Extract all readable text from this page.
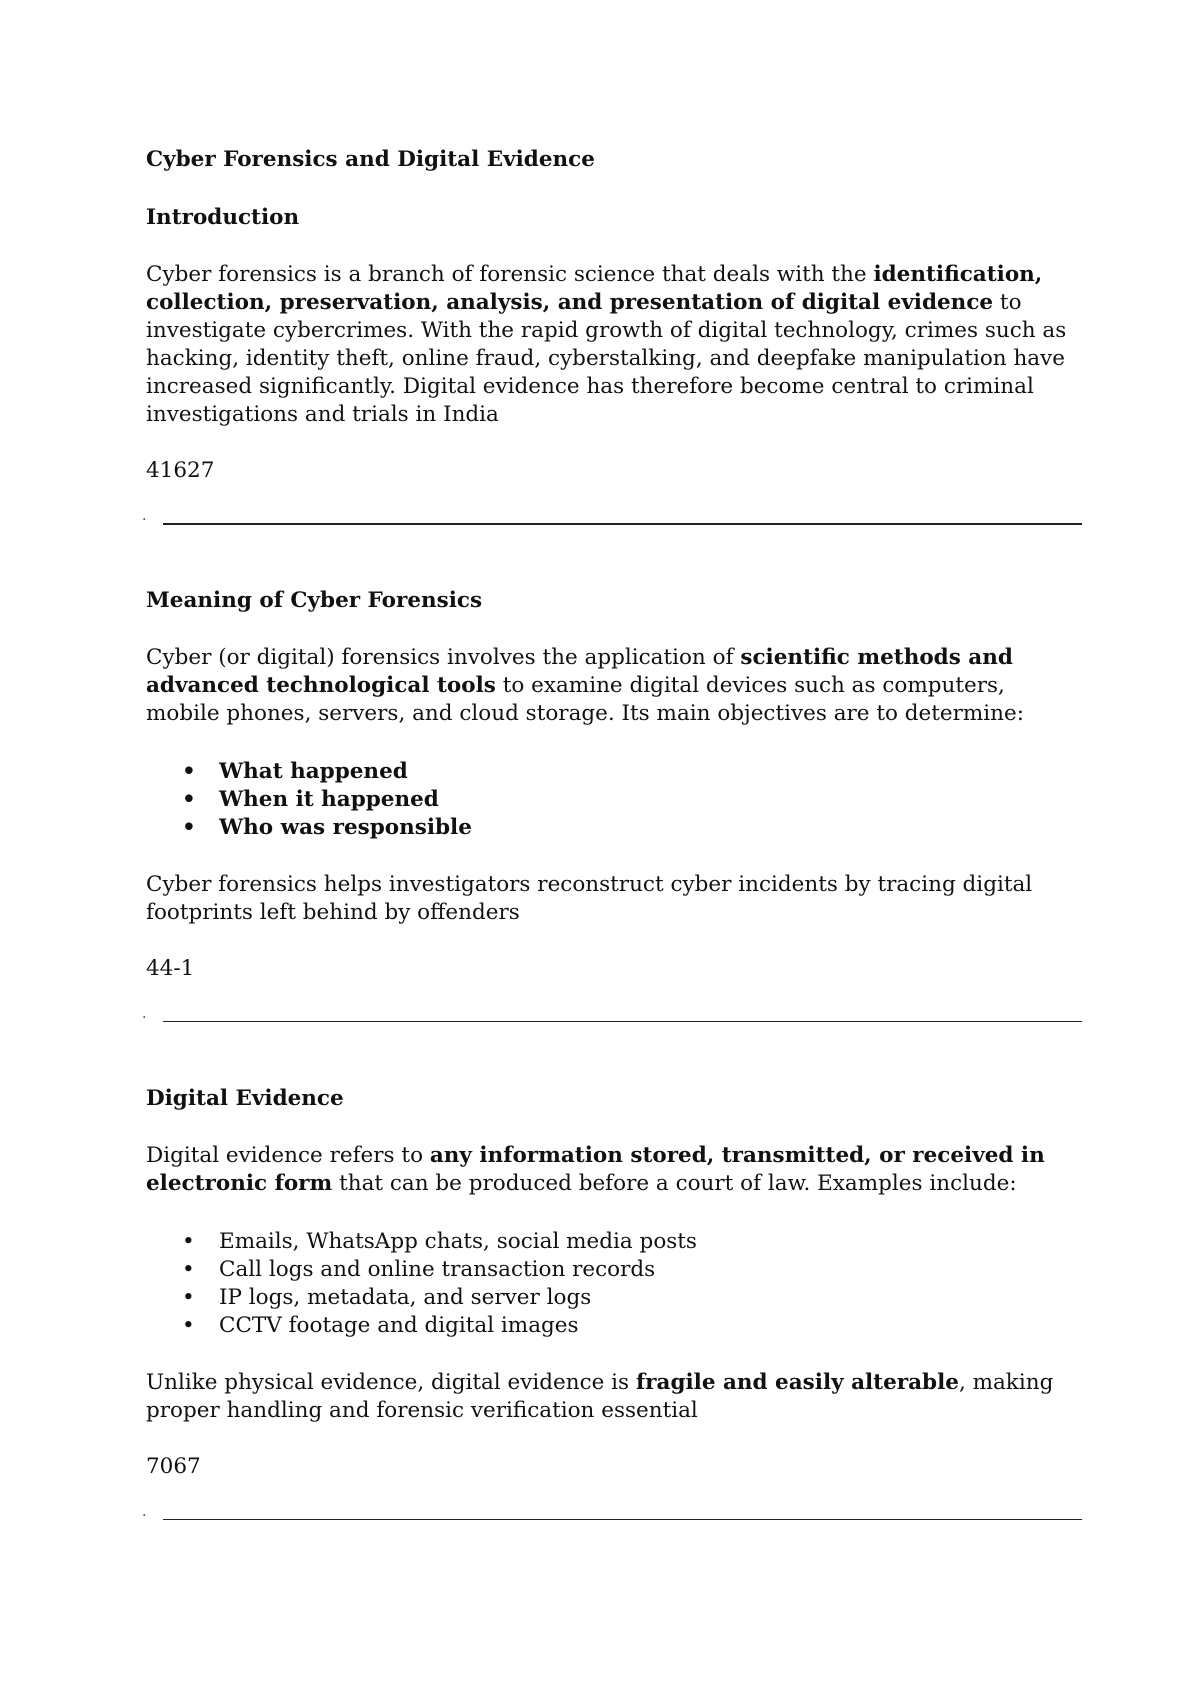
Cyber Forensics and Digital Evidence

Introduction

Cyber forensics is a branch of forensic science that deals with the identification, collection, preservation, analysis, and presentation of digital evidence to investigate cybercrimes. With the rapid growth of digital technology, crimes such as hacking, identity theft, online fraud, cyberstalking, and deepfake manipulation have increased significantly. Digital evidence has therefore become central to criminal investigations and trials in India

41627

.

Meaning of Cyber Forensics

Cyber (or digital) forensics involves the application of scientific methods and advanced technological tools to examine digital devices such as computers, mobile phones, servers, and cloud storage. Its main objectives are to determine:

• What happened
• When it happened
• Who was responsible

Cyber forensics helps investigators reconstruct cyber incidents by tracing digital footprints left behind by offenders

44-1

.

Digital Evidence

Digital evidence refers to any information stored, transmitted, or received in electronic form that can be produced before a court of law. Examples include:

• Emails, WhatsApp chats, social media posts
• Call logs and online transaction records
• IP logs, metadata, and server logs
• CCTV footage and digital images

Unlike physical evidence, digital evidence is fragile and easily alterable, making proper handling and forensic verification essential

7067

.
